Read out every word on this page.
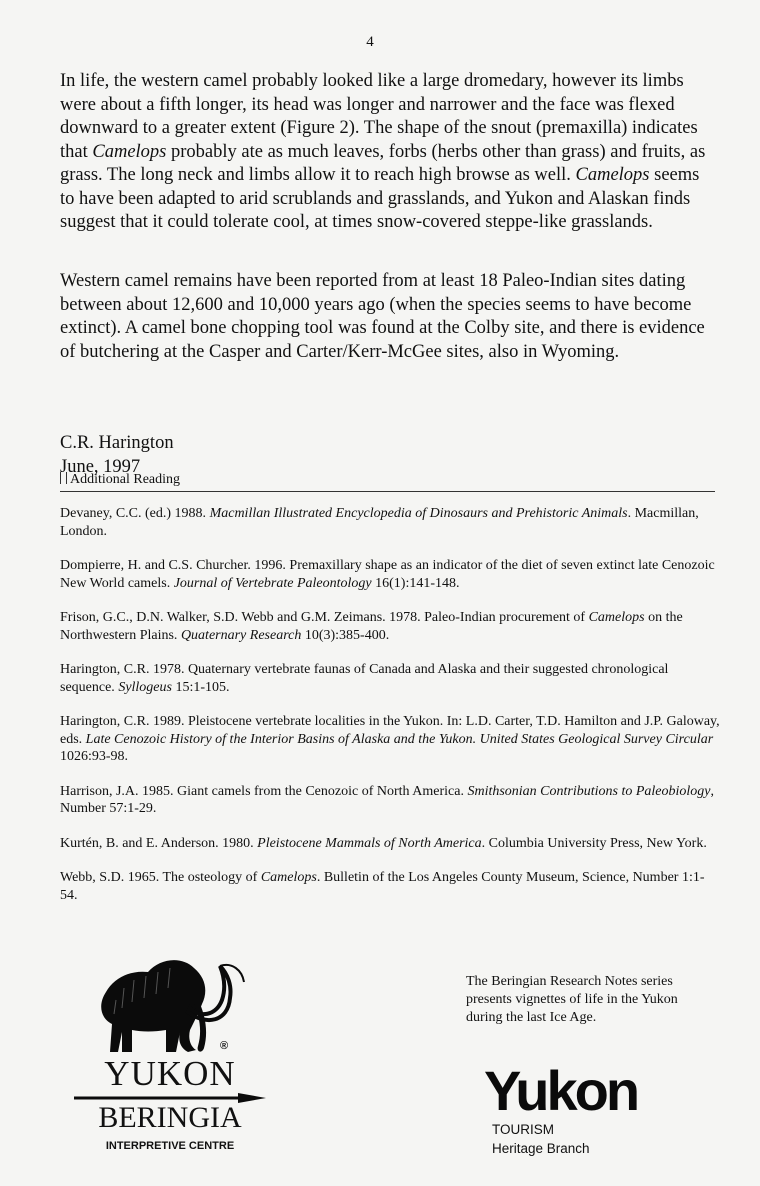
4
In life, the western camel probably looked like a large dromedary, however its limbs were about a fifth longer, its head was longer and narrower and the face was flexed downward to a greater extent (Figure 2). The shape of the snout (premaxilla) indicates that Camelops probably ate as much leaves, forbs (herbs other than grass) and fruits, as grass. The long neck and limbs allow it to reach high browse as well. Camelops seems to have been adapted to arid scrublands and grasslands, and Yukon and Alaskan finds suggest that it could tolerate cool, at times snow-covered steppe-like grasslands.
Western camel remains have been reported from at least 18 Paleo-Indian sites dating between about 12,600 and 10,000 years ago (when the species seems to have become extinct). A camel bone chopping tool was found at the Colby site, and there is evidence of butchering at the Casper and Carter/Kerr-McGee sites, also in Wyoming.
C.R. Harington
June, 1997
Additional Reading
Devaney, C.C. (ed.) 1988. Macmillan Illustrated Encyclopedia of Dinosaurs and Prehistoric Animals. Macmillan, London.
Dompierre, H. and C.S. Churcher. 1996. Premaxillary shape as an indicator of the diet of seven extinct late Cenozoic New World camels. Journal of Vertebrate Paleontology 16(1):141-148.
Frison, G.C., D.N. Walker, S.D. Webb and G.M. Zeimans. 1978. Paleo-Indian procurement of Camelops on the Northwestern Plains. Quaternary Research 10(3):385-400.
Harington, C.R. 1978. Quaternary vertebrate faunas of Canada and Alaska and their suggested chronological sequence. Syllogeus 15:1-105.
Harington, C.R. 1989. Pleistocene vertebrate localities in the Yukon. In: L.D. Carter, T.D. Hamilton and J.P. Galoway, eds. Late Cenozoic History of the Interior Basins of Alaska and the Yukon. United States Geological Survey Circular 1026:93-98.
Harrison, J.A. 1985. Giant camels from the Cenozoic of North America. Smithsonian Contributions to Paleobiology, Number 57:1-29.
Kurtén, B. and E. Anderson. 1980. Pleistocene Mammals of North America. Columbia University Press, New York.
Webb, S.D. 1965. The osteology of Camelops. Bulletin of the Los Angeles County Museum, Science, Number 1:1-54.
®
YUKON
BERINGIA
INTERPRETIVE CENTRE
The Beringian Research Notes series
presents vignettes of life in the Yukon
during the last Ice Age.
Yukon
TOURISM
Heritage Branch
